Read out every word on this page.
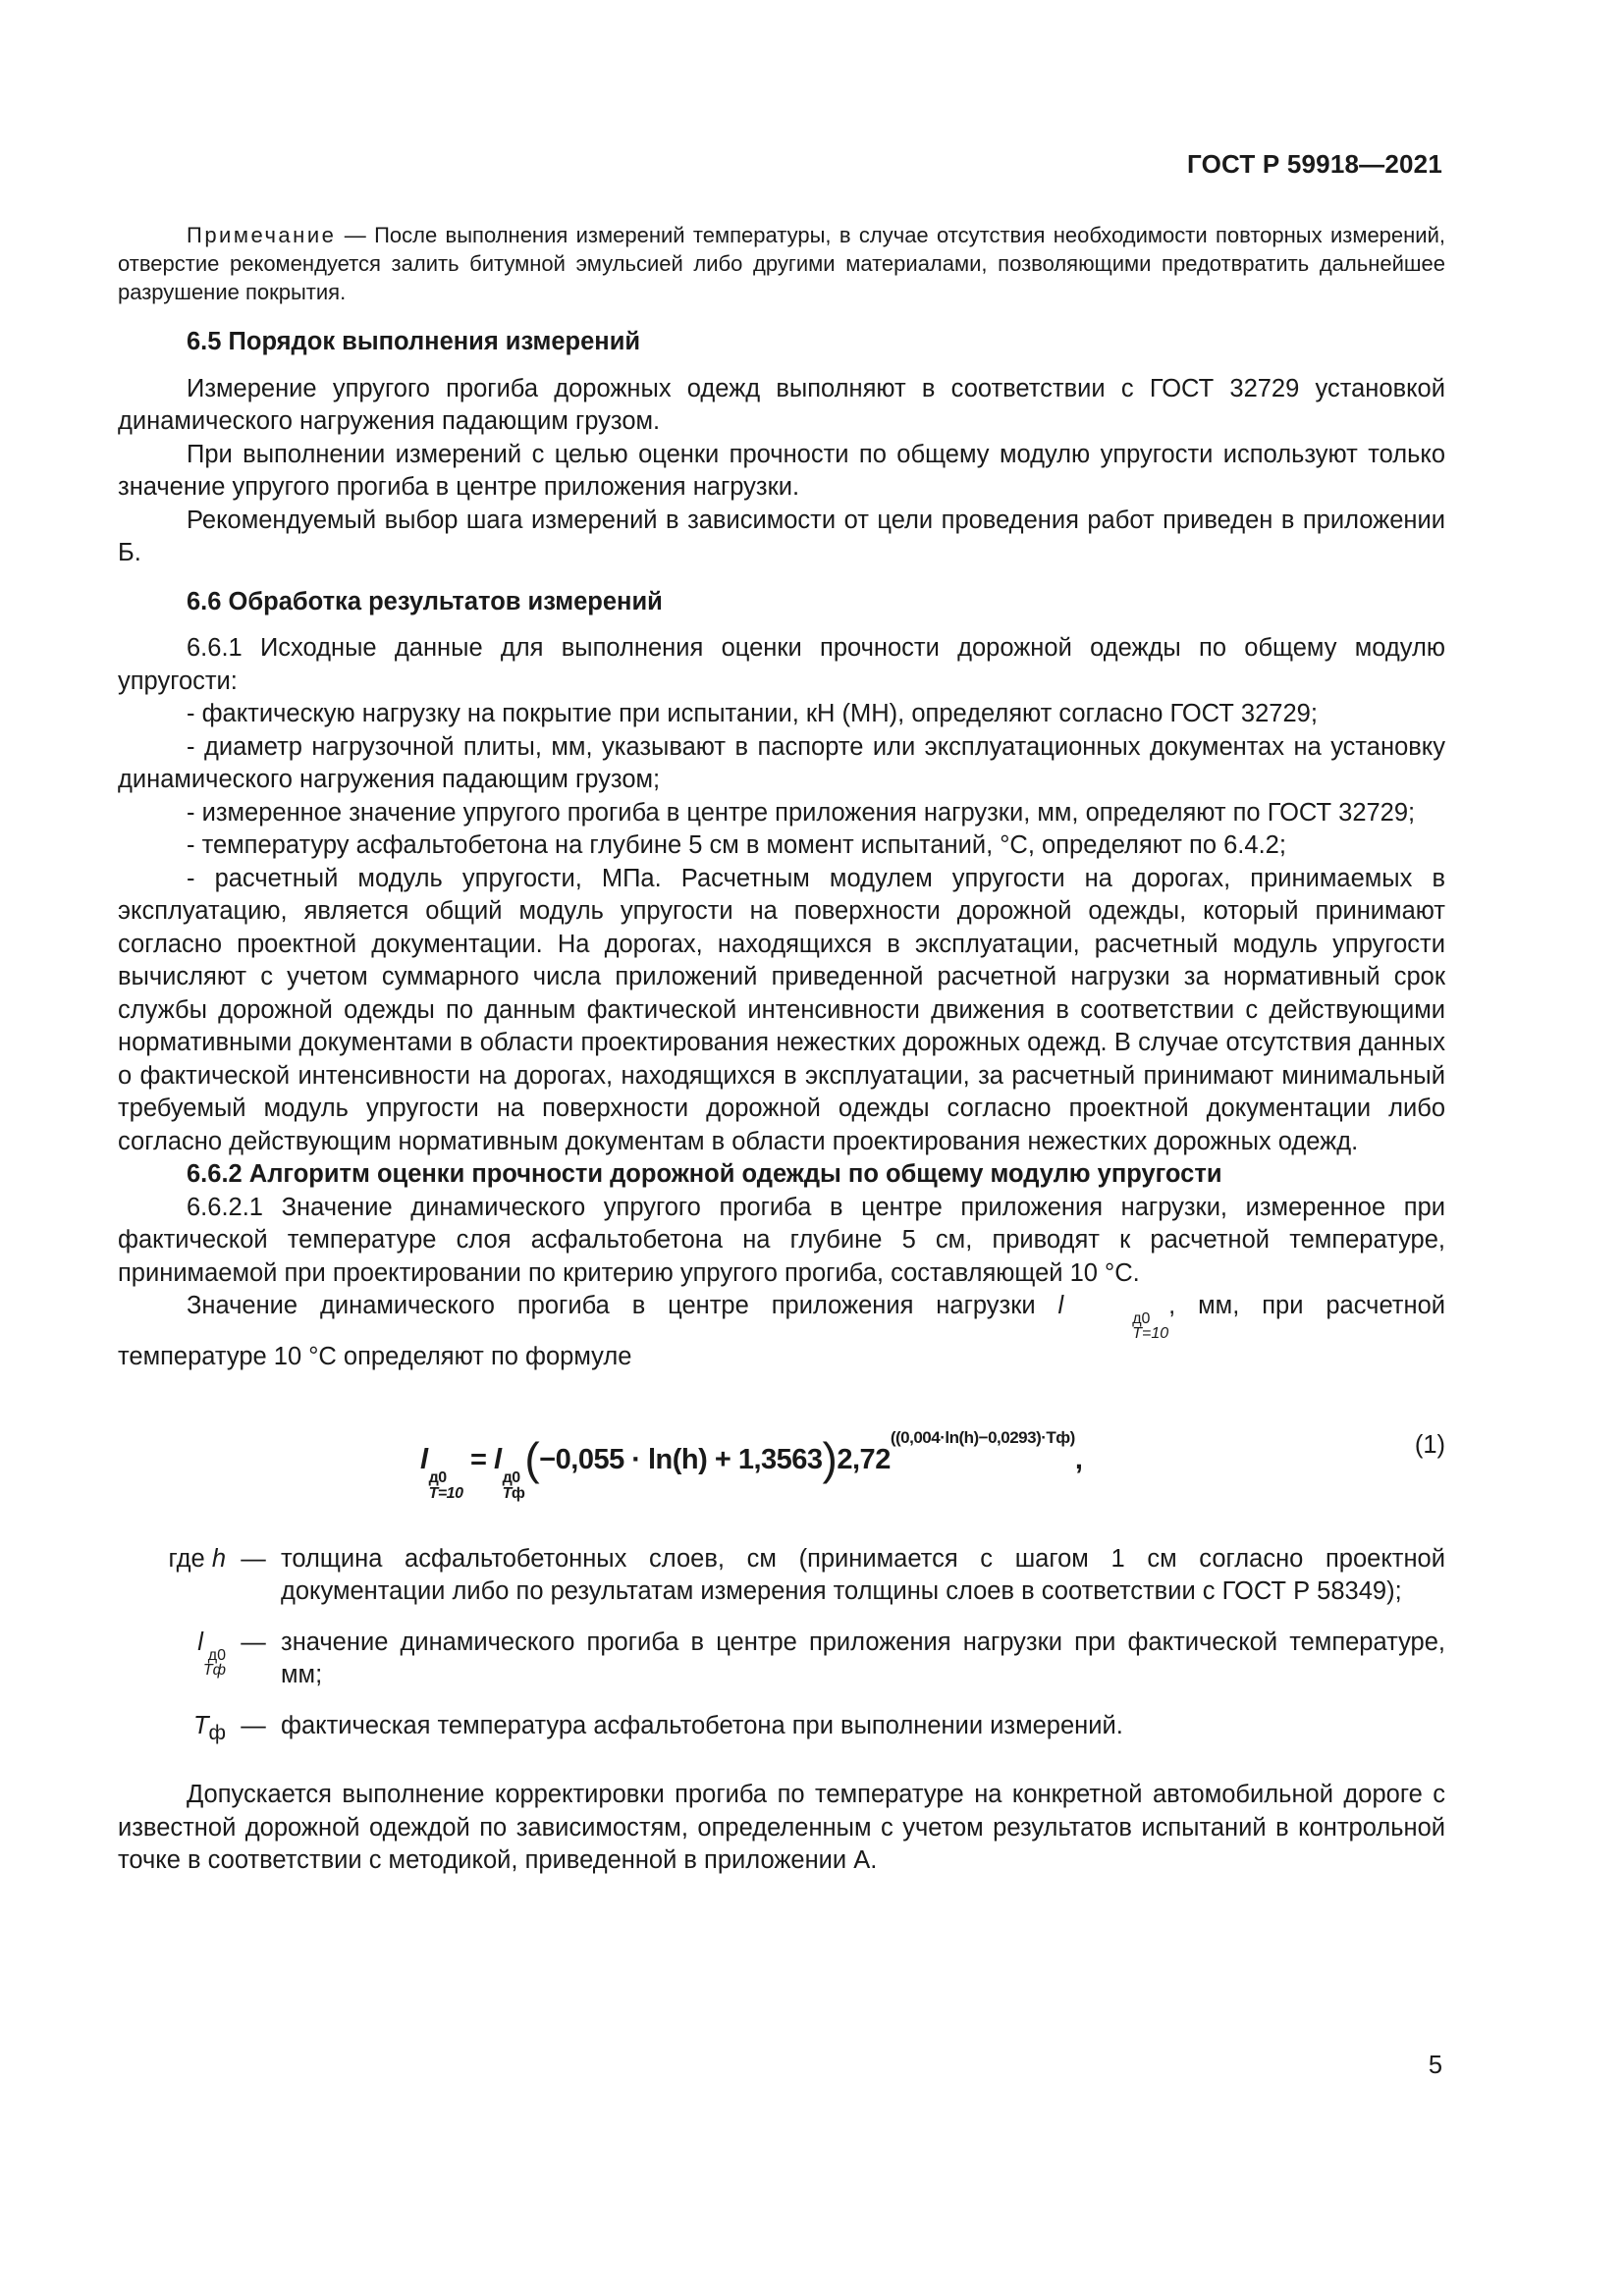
ГОСТ Р 59918—2021

Примечание — После выполнения измерений температуры, в случае отсутствия необходимости повторных измерений, отверстие рекомендуется залить битумной эмульсией либо другими материалами, позволяющими предотвратить дальнейшее разрушение покрытия.

6.5 Порядок выполнения измерений

Измерение упругого прогиба дорожных одежд выполняют в соответствии с ГОСТ 32729 установкой динамического нагружения падающим грузом.

При выполнении измерений с целью оценки прочности по общему модулю упругости используют только значение упругого прогиба в центре приложения нагрузки.

Рекомендуемый выбор шага измерений в зависимости от цели проведения работ приведен в приложении Б.

6.6 Обработка результатов измерений

6.6.1 Исходные данные для выполнения оценки прочности дорожной одежды по общему модулю упругости:

- фактическую нагрузку на покрытие при испытании, кН (МН), определяют согласно ГОСТ 32729;

- диаметр нагрузочной плиты, мм, указывают в паспорте или эксплуатационных документах на установку динамического нагружения падающим грузом;

- измеренное значение упругого прогиба в центре приложения нагрузки, мм, определяют по ГОСТ 32729;

- температуру асфальтобетона на глубине 5 см в момент испытаний, °С, определяют по 6.4.2;

- расчетный модуль упругости, МПа. Расчетным модулем упругости на дорогах, принимаемых в эксплуатацию, является общий модуль упругости на поверхности дорожной одежды, который принимают согласно проектной документации. На дорогах, находящихся в эксплуатации, расчетный модуль упругости вычисляют с учетом суммарного числа приложений приведенной расчетной нагрузки за нормативный срок службы дорожной одежды по данным фактической интенсивности движения в соответствии с действующими нормативными документами в области проектирования нежестких дорожных одежд. В случае отсутствия данных о фактической интенсивности на дорогах, находящихся в эксплуатации, за расчетный принимают минимальный требуемый модуль упругости на поверхности дорожной одежды согласно проектной документации либо согласно действующим нормативным документам в области проектирования нежестких дорожных одежд.

6.6.2 Алгоритм оценки прочности дорожной одежды по общему модулю упругости

6.6.2.1 Значение динамического упругого прогиба в центре приложения нагрузки, измеренное при фактической температуре слоя асфальтобетона на глубине 5 см, приводят к расчетной температуре, принимаемой при проектировании по критерию упругого прогиба, составляющей 10 °С.

Значение динамического прогиба в центре приложения нагрузки l	д0
T=10
, мм, при расчетной температуре 10 °С определяют по формуле

l
д0
T=10
= l
д0
Tф
$(-0,055 \cdot \ln(h) + 1,3563)2,72^{((0,004\cdot ln(h)-0,0293)\cdot Tф)}$,	(1)
где h — толщина асфальтобетонных слоев, см (принимается с шагом 1 см согласно проектной документации либо по результатам измерения толщины слоев в соответствии с ГОСТ Р 58349);
l д0
Tф
— значение динамического прогиба в центре приложения нагрузки при фактической температуре, мм;
$T_ф$ — фактическая температура асфальтобетона при выполнении измерений.

Допускается выполнение корректировки прогиба по температуре на конкретной автомобильной дороге с известной дорожной одеждой по зависимостям, определенным с учетом результатов испытаний в контрольной точке в соответствии с методикой, приведенной в приложении А.

5
